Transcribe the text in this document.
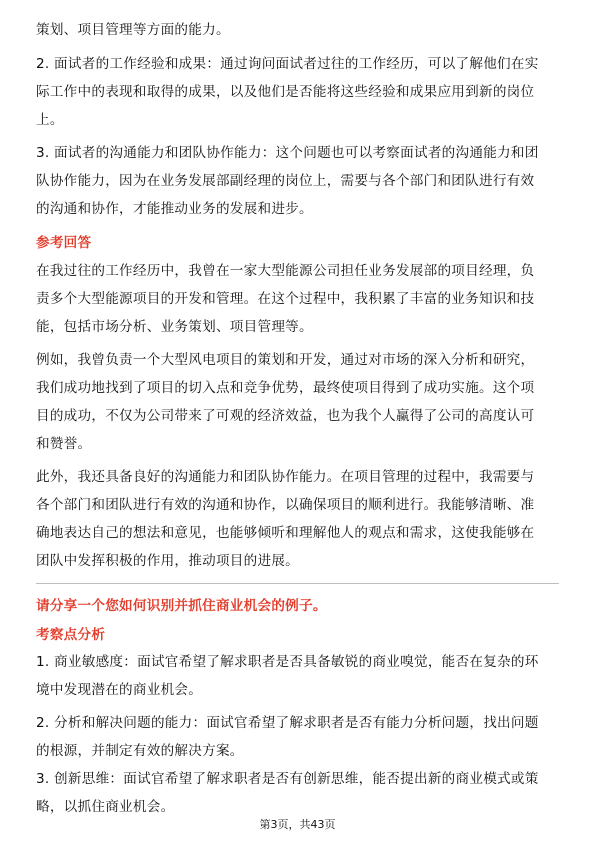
策划、项目管理等方面的能力。
2. 面试者的工作经验和成果：通过询问面试者过往的工作经历，可以了解他们在实
际工作中的表现和取得的成果，以及他们是否能将这些经验和成果应用到新的岗位
上。
3. 面试者的沟通能力和团队协作能力：这个问题也可以考察面试者的沟通能力和团
队协作能力，因为在业务发展部副经理的岗位上，需要与各个部门和团队进行有效
的沟通和协作，才能推动业务的发展和进步。
参考回答
在我过往的工作经历中，我曾在一家大型能源公司担任业务发展部的项目经理，负
责多个大型能源项目的开发和管理。在这个过程中，我积累了丰富的业务知识和技
能，包括市场分析、业务策划、项目管理等。
例如，我曾负责一个大型风电项目的策划和开发，通过对市场的深入分析和研究，
我们成功地找到了项目的切入点和竞争优势，最终使项目得到了成功实施。这个项
目的成功，不仅为公司带来了可观的经济效益，也为我个人赢得了公司的高度认可
和赞誉。
此外，我还具备良好的沟通能力和团队协作能力。在项目管理的过程中，我需要与
各个部门和团队进行有效的沟通和协作，以确保项目的顺利进行。我能够清晰、准
确地表达自己的想法和意见，也能够倾听和理解他人的观点和需求，这使我能够在
团队中发挥积极的作用，推动项目的进展。
请分享一个您如何识别并抓住商业机会的例子。
考察点分析
1. 商业敏感度：面试官希望了解求职者是否具备敏锐的商业嗅觉，能否在复杂的环
境中发现潜在的商业机会。
2. 分析和解决问题的能力：面试官希望了解求职者是否有能力分析问题，找出问题
的根源，并制定有效的解决方案。
3. 创新思维：面试官希望了解求职者是否有创新思维，能否提出新的商业模式或策
略，以抓住商业机会。
第3页，共43页
